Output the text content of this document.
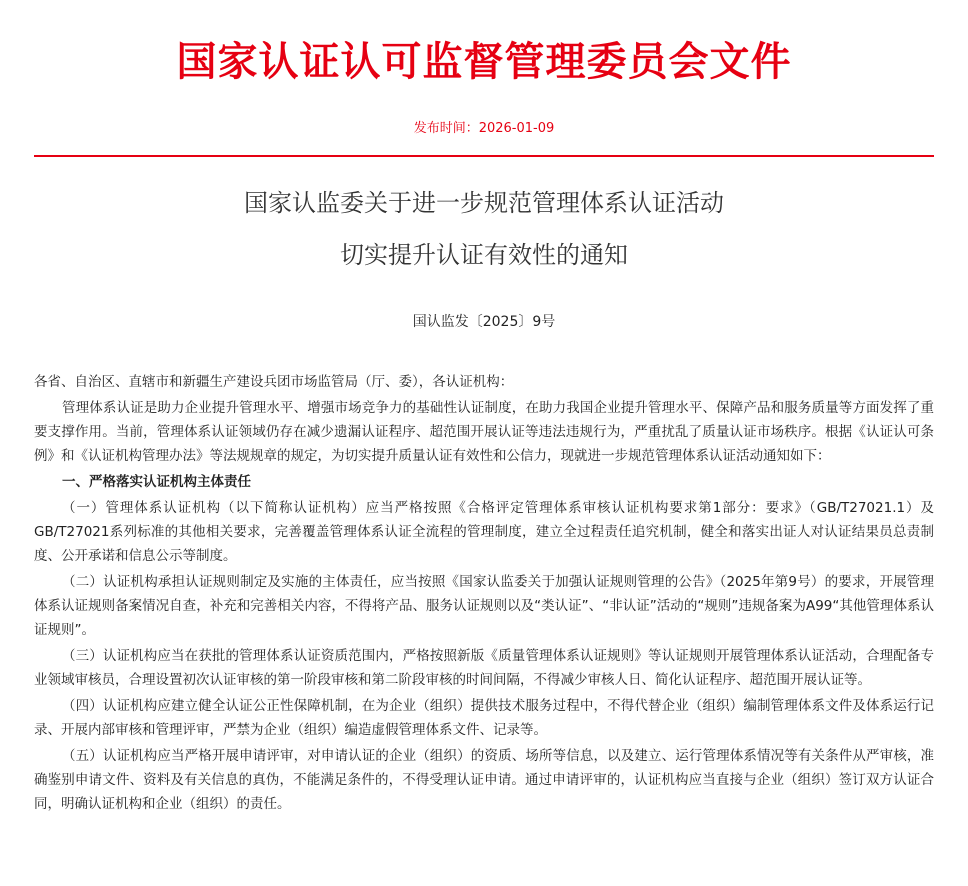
国家认证认可监督管理委员会文件
发布时间：2026-01-09
国家认监委关于进一步规范管理体系认证活动
切实提升认证有效性的通知
国认监发〔2025〕9号

各省、自治区、直辖市和新疆生产建设兵团市场监管局（厅、委），各认证机构：

管理体系认证是助力企业提升管理水平、增强市场竞争力的基础性认证制度，在助力我国企业提升管理水平、保障产品和服务质量等方面发挥了重要支撑作用。当前，管理体系认证领域仍存在减少遗漏认证程序、超范围开展认证等违法违规行为，严重扰乱了质量认证市场秩序。根据《认证认可条例》和《认证机构管理办法》等法规规章的规定，为切实提升质量认证有效性和公信力，现就进一步规范管理体系认证活动通知如下：

一、严格落实认证机构主体责任

（一）管理体系认证机构（以下简称认证机构）应当严格按照《合格评定管理体系审核认证机构要求第1部分：要求》（GB/T27021.1）及GB/T27021系列标准的其他相关要求，完善覆盖管理体系认证全流程的管理制度，建立全过程责任追究机制，健全和落实出证人对认证结果员总责制度、公开承诺和信息公示等制度。

（二）认证机构承担认证规则制定及实施的主体责任，应当按照《国家认监委关于加强认证规则管理的公告》（2025年第9号）的要求，开展管理体系认证规则备案情况自查，补充和完善相关内容，不得将产品、服务认证规则以及“类认证”、“非认证”活动的“规则”违规备案为A99“其他管理体系认证规则”。

（三）认证机构应当在获批的管理体系认证资质范围内，严格按照新版《质量管理体系认证规则》等认证规则开展管理体系认证活动，合理配备专业领域审核员，合理设置初次认证审核的第一阶段审核和第二阶段审核的时间间隔，不得减少审核人日、简化认证程序、超范围开展认证等。

（四）认证机构应建立健全认证公正性保障机制，在为企业（组织）提供技术服务过程中，不得代替企业（组织）编制管理体系文件及体系运行记录、开展内部审核和管理评审，严禁为企业（组织）编造虚假管理体系文件、记录等。

（五）认证机构应当严格开展申请评审，对申请认证的企业（组织）的资质、场所等信息，以及建立、运行管理体系情况等有关条件从严审核，准确鉴别申请文件、资料及有关信息的真伪，不能满足条件的，不得受理认证申请。通过申请评审的，认证机构应当直接与企业（组织）签订双方认证合同，明确认证机构和企业（组织）的责任。
